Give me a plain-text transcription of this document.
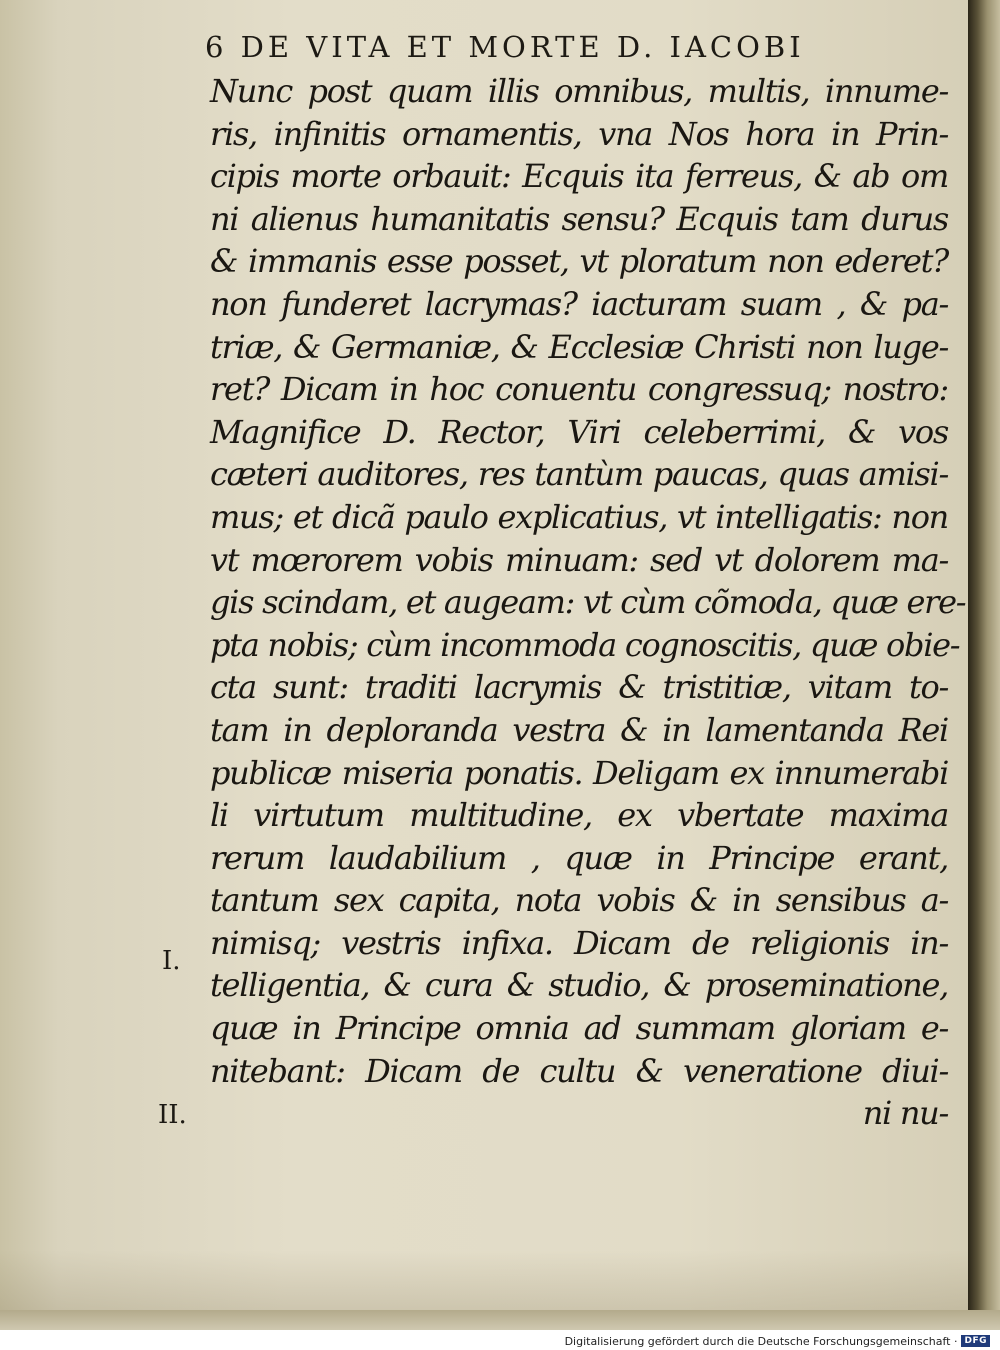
6 DE VITA ET MORTE D. IACOBI
Nunc post quam illis omnibus, multis, innume-
ris, infinitis ornamentis, vna Nos hora in Prin-
cipis morte orbauit: Ecquis ita ferreus, & ab om
ni alienus humanitatis sensu? Ecquis tam durus
& immanis esse posset, vt ploratum non ederet?
non funderet lacrymas? iacturam suam , & pa-
triæ, & Germaniæ, & Ecclesiæ Christi non luge-
ret? Dicam in hoc conuentu congressuq; nostro:
Magnifice D. Rector, Viri celeberrimi, & vos
cæteri auditores, res tantùm paucas, quas amisi-
mus; et dicã paulo explicatius, vt intelligatis: non
vt mœrorem vobis minuam: sed vt dolorem ma-
gis scindam, et augeam: vt cùm cõmoda, quæ ere-
pta nobis; cùm incommoda cognoscitis, quæ obie-
cta sunt: traditi lacrymis & tristitiæ, vitam to-
tam in deploranda vestra & in lamentanda Rei
publicæ miseria ponatis. Deligam ex innumerabi
li virtutum multitudine, ex vbertate maxima
rerum laudabilium , quæ in Principe erant,
tantum sex capita, nota vobis & in sensibus a-
nimisq; vestris infixa. Dicam de religionis in-
telligentia, & cura & studio, & proseminatione,
quæ in Principe omnia ad summam gloriam e-
nitebant: Dicam de cultu & veneratione diui-
ni nu-
I.
II.
Digitalisierung gefördert durch die Deutsche Forschungsgemeinschaft · DFG
